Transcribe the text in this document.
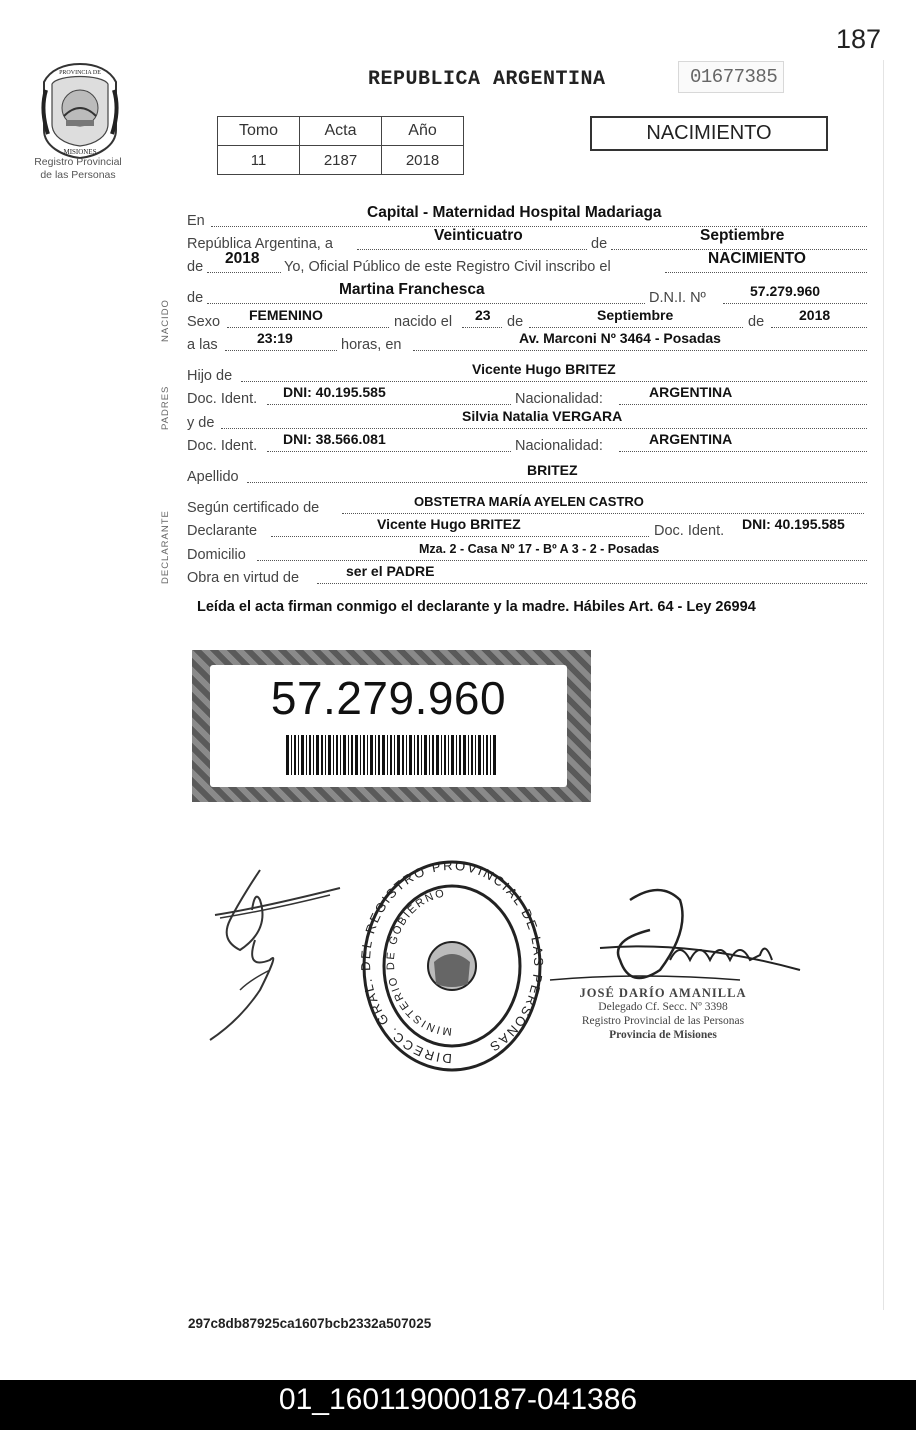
187
PROVINCIA DE
MISIONES
Registro Provincial
de las Personas
REPUBLICA ARGENTINA	01677385
Tomo	Acta	Año
11	2187	2018
NACIMIENTO
NACIDO
PADRES
DECLARANTE
En	Capital - Maternidad Hospital Madariaga
República Argentina, a	Veinticuatro	de	Septiembre
de 2018 Yo, Oficial Público de este Registro Civil inscribo el	NACIMIENTO
de	Martina Franchesca	D.N.I. Nº	57.279.960
Sexo FEMENINO	nacido el 23 de	Septiembre	de 2018
a las	23:19	horas, en	Av. Marconi Nº 3464 - Posadas
Hijo de	Vicente Hugo BRITEZ
Doc. Ident. DNI: 40.195.585	Nacionalidad:	ARGENTINA
y de	Silvia Natalia VERGARA
Doc. Ident. DNI: 38.566.081	Nacionalidad:	ARGENTINA
Apellido	BRITEZ
Según certificado de	OBSTETRA MARÍA AYELEN CASTRO
Declarante	Vicente Hugo BRITEZ	Doc. Ident. DNI: 40.195.585
Domicilio	Mza. 2 - Casa Nº 17 - Bº A 3 - 2 - Posadas
Obra en virtud de	ser el PADRE
Leída el acta firman conmigo el declarante y la madre. Hábiles Art. 64 - Ley 26994
57.279.960
DIRECC. GRAL. DEL REGISTRO PROVINCIAL DE LAS PERSONAS
MINISTERIO DE GOBIERNO
JOSÉ DARÍO AMANILLA
Delegado Cf. Secc. Nº 3398
Registro Provincial de las Personas
Provincia de Misiones
297c8db87925ca1607bcb2332a507025
01_160119000187-041386
